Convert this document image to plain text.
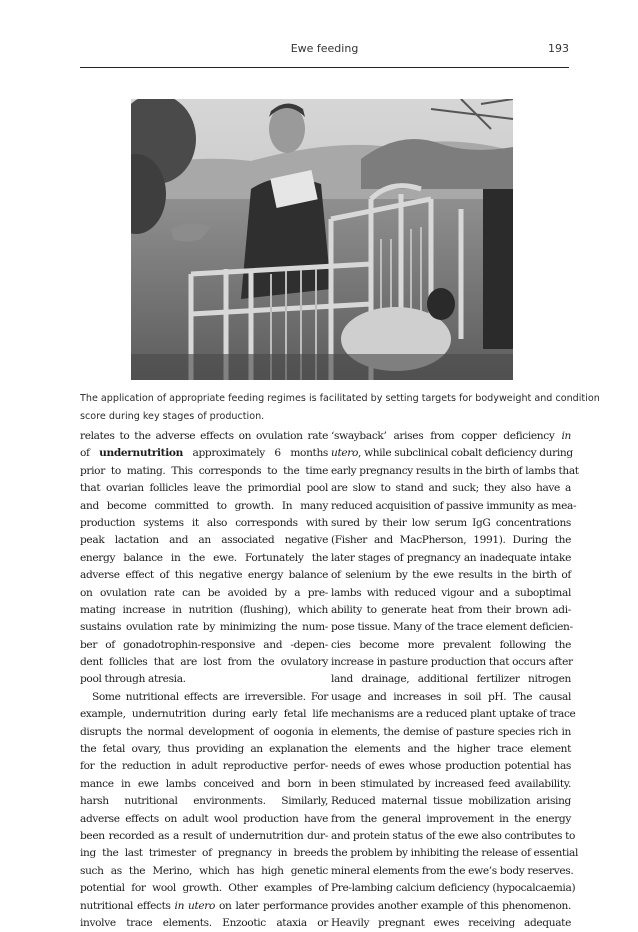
Ewe feeding	193
The application of appropriate feeding regimes is facilitated by setting targets for bodyweight and condition
score during key stages of production.
relates to the adverse effects on ovulation rate
of undernutrition approximately 6 months
prior to mating. This corresponds to the time
that ovarian follicles leave the primordial pool
and become committed to growth. In many
production systems it also corresponds with
peak lactation and an associated negative
energy balance in the ewe. Fortunately the
adverse effect of this negative energy balance
on ovulation rate can be avoided by a pre-
mating increase in nutrition (flushing), which
sustains ovulation rate by minimizing the num-
ber of gonadotrophin-responsive and -depen-
dent follicles that are lost from the ovulatory
pool through atresia.
Some nutritional effects are irreversible. For
example, undernutrition during early fetal life
disrupts the normal development of oogonia in
the fetal ovary, thus providing an explanation
for the reduction in adult reproductive perfor-
mance in ewe lambs conceived and born in
harsh nutritional environments. Similarly,
adverse effects on adult wool production have
been recorded as a result of undernutrition dur-
ing the last trimester of pregnancy in breeds
such as the Merino, which has high genetic
potential for wool growth. Other examples of
nutritional effects in utero on later performance
involve trace elements. Enzootic ataxia or
‘swayback’ arises from copper deficiency in
utero, while subclinical cobalt deficiency during
early pregnancy results in the birth of lambs that
are slow to stand and suck; they also have a
reduced acquisition of passive immunity as mea-
sured by their low serum IgG concentrations
(Fisher and MacPherson, 1991). During the
later stages of pregnancy an inadequate intake
of selenium by the ewe results in the birth of
lambs with reduced vigour and a suboptimal
ability to generate heat from their brown adi-
pose tissue. Many of the trace element deficien-
cies become more prevalent following the
increase in pasture production that occurs after
land drainage, additional fertilizer nitrogen
usage and increases in soil pH. The causal
mechanisms are a reduced plant uptake of trace
elements, the demise of pasture species rich in
the elements and the higher trace element
needs of ewes whose production potential has
been stimulated by increased feed availability.
Reduced maternal tissue mobilization arising
from the general improvement in the energy
and protein status of the ewe also contributes to
the problem by inhibiting the release of essential
mineral elements from the ewe’s body reserves.
Pre-lambing calcium deficiency (hypocalcaemia)
provides another example of this phenomenon.
Heavily pregnant ewes receiving adequate
